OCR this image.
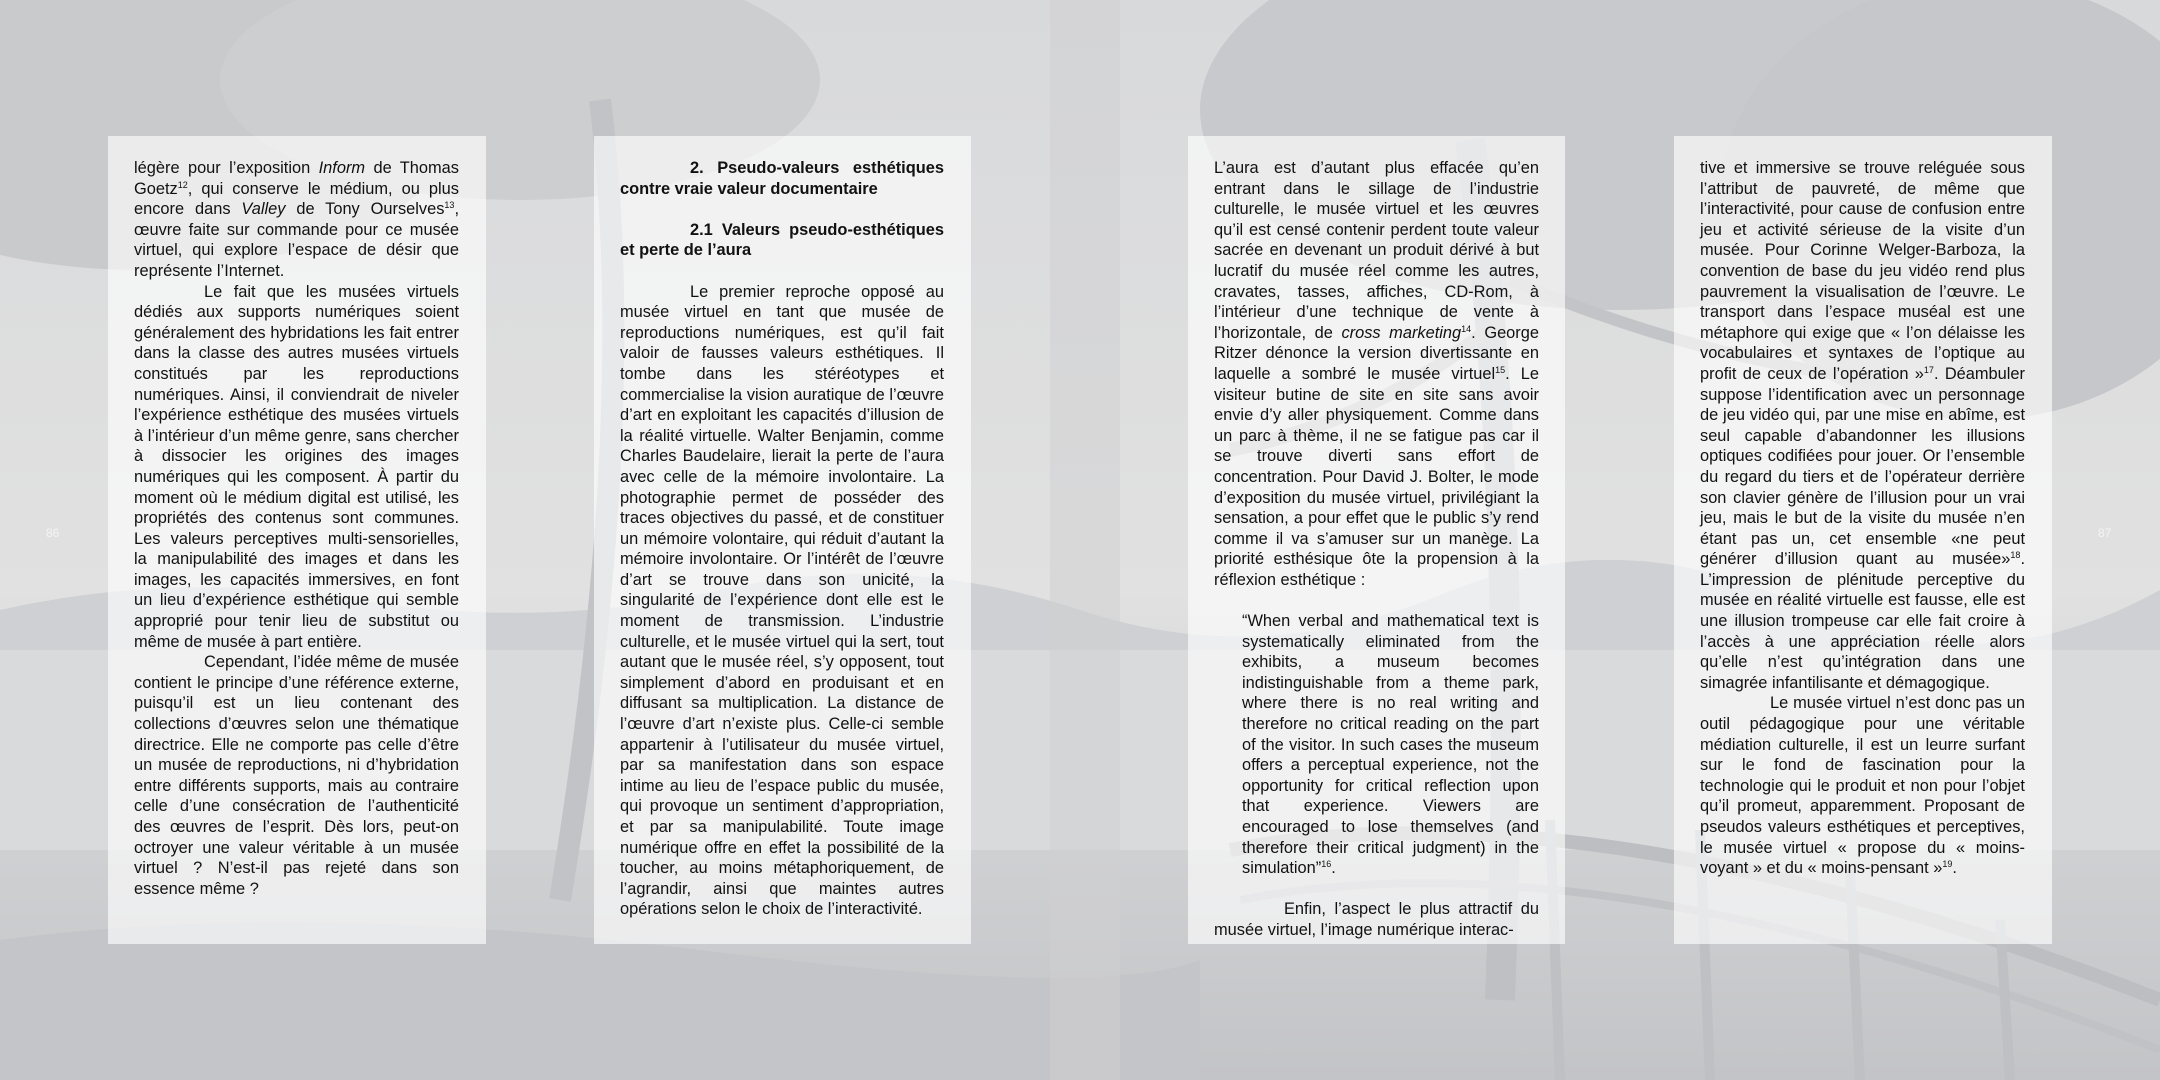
86	87

légère pour l’exposition Inform de Thomas Goetz$^{12}$, qui conserve le médium, ou plus encore dans Valley de Tony Ourselves$^{13}$, œuvre faite sur commande pour ce musée virtuel, qui explore l’espace de désir que représente l’Internet.

Le fait que les musées virtuels dédiés aux supports numériques soient généralement des hybridations les fait entrer dans la classe des autres musées virtuels constitués par les reproductions numériques. Ainsi, il conviendrait de niveler l’expérience esthétique des musées virtuels à l’intérieur d’un même genre, sans chercher à dissocier les origines des images numériques qui les composent. À partir du moment où le médium digital est utilisé, les propriétés des contenus sont communes. Les valeurs perceptives multi-sensorielles, la manipulabilité des images et dans les images, les capacités immersives, en font un lieu d’expérience esthétique qui semble approprié pour tenir lieu de substitut ou même de musée à part entière.

Cependant, l’idée même de musée contient le principe d’une référence externe, puisqu’il est un lieu contenant des collections d’œuvres selon une thématique directrice. Elle ne comporte pas celle d’être un musée de reproductions, ni d’hybridation entre différents supports, mais au contraire celle d’une consécration de l’authenticité des œuvres de l’esprit. Dès lors, peut-on octroyer une valeur véritable à un musée virtuel ? N’est-il pas rejeté dans son essence même ?

2. Pseudo-valeurs esthétiques contre vraie valeur documentaire

2.1 Valeurs pseudo-esthétiques et perte de l’aura

Le premier reproche opposé au musée virtuel en tant que musée de reproductions numériques, est qu’il fait valoir de fausses valeurs esthétiques. Il tombe dans les stéréotypes et commercialise la vision auratique de l’œuvre d’art en exploitant les capacités d’illusion de la réalité virtuelle. Walter Benjamin, comme Charles Baudelaire, lierait la perte de l’aura avec celle de la mémoire involontaire. La photographie permet de posséder des traces objectives du passé, et de constituer un mémoire volontaire, qui réduit d’autant la mémoire involontaire. Or l’intérêt de l’œuvre d’art se trouve dans son unicité, la singularité de l’expérience dont elle est le moment de transmission. L’industrie culturelle, et le musée virtuel qui la sert, tout autant que le musée réel, s’y opposent, tout simplement d’abord en produisant et en diffusant sa multiplication. La distance de l’œuvre d’art n’existe plus. Celle-ci semble appartenir à l’utilisateur du musée virtuel, par sa manifestation dans son espace intime au lieu de l’espace public du musée, qui provoque un sentiment d’appropriation, et par sa manipulabilité. Toute image numérique offre en effet la possibilité de la toucher, au moins métaphoriquement, de l’agrandir, ainsi que maintes autres opérations selon le choix de l’interactivité.

L’aura est d’autant plus effacée qu’en entrant dans le sillage de l’industrie culturelle, le musée virtuel et les œuvres qu’il est censé contenir perdent toute valeur sacrée en devenant un produit dérivé à but lucratif du musée réel comme les autres, cravates, tasses, affiches, CD-Rom, à l’intérieur d’une technique de vente à l’horizontale, de cross marketing$^{14}$. George Ritzer dénonce la version divertissante en laquelle a sombré le musée virtuel$^{15}$. Le visiteur butine de site en site sans avoir envie d’y aller physiquement. Comme dans un parc à thème, il ne se fatigue pas car il se trouve diverti sans effort de concentration. Pour David J. Bolter, le mode d’exposition du musée virtuel, privilégiant la sensation, a pour effet que le public s’y rend comme il va s’amuser sur un manège. La priorité esthésique ôte la propension à la réflexion esthétique :

“When verbal and mathematical text is systematically eliminated from the exhibits, a museum becomes indistinguishable from a theme park, where there is no real writing and therefore no critical reading on the part of the visitor. In such cases the museum offers a perceptual experience, not the opportunity for critical reflection upon that experience. Viewers are encouraged to lose themselves (and therefore their critical judgment) in the simulation”$^{16}$.

Enfin, l’aspect le plus attractif du musée virtuel, l’image numérique interac-

tive et immersive se trouve reléguée sous l’attribut de pauvreté, de même que l’interactivité, pour cause de confusion entre jeu et activité sérieuse de la visite d’un musée. Pour Corinne Welger-Barboza, la convention de base du jeu vidéo rend plus pauvrement la visualisation de l’œuvre. Le transport dans l’espace muséal est une métaphore qui exige que « l’on délaisse les vocabulaires et syntaxes de l’optique au profit de ceux de l’opération »$^{17}$. Déambuler suppose l’identification avec un personnage de jeu vidéo qui, par une mise en abîme, est seul capable d’abandonner les illusions optiques codifiées pour jouer. Or l’ensemble du regard du tiers et de l’opérateur derrière son clavier génère de l’illusion pour un vrai jeu, mais le but de la visite du musée n’en étant pas un, cet ensemble «ne peut générer d’illusion quant au musée»$^{18}$. L’impression de plénitude perceptive du musée en réalité virtuelle est fausse, elle est une illusion trompeuse car elle fait croire à l’accès à une appréciation réelle alors qu’elle n’est qu’intégration dans une simagrée infantilisante et démagogique.

Le musée virtuel n’est donc pas un outil pédagogique pour une véritable médiation culturelle, il est un leurre surfant sur le fond de fascination pour la technologie qui le produit et non pour l’objet qu’il promeut, apparemment. Proposant de pseudos valeurs esthétiques et perceptives, le musée virtuel « propose du « moins-voyant » et du « moins-pensant »$^{19}$.
